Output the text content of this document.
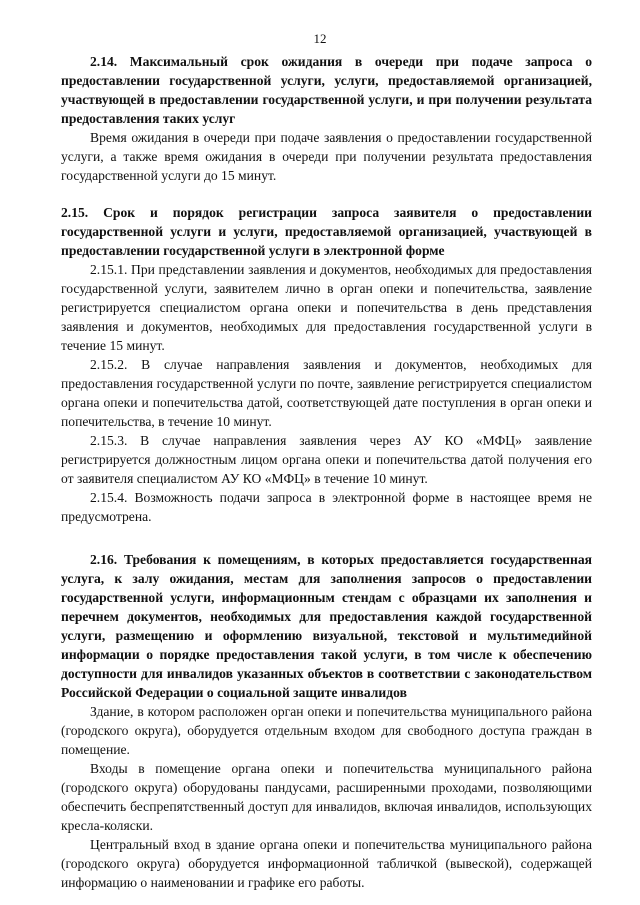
12

2.14. Максимальный срок ожидания в очереди при подаче запроса о предоставлении государственной услуги, услуги, предоставляемой организацией, участвующей в предоставлении государственной услуги, и при получении результата предоставления таких услуг

Время ожидания в очереди при подаче заявления о предоставлении государственной услуги, а также время ожидания в очереди при получении результата предоставления государственной услуги до 15 минут.

2.15. Срок и порядок регистрации запроса заявителя о предоставлении государственной услуги и услуги, предоставляемой организацией, участвующей в предоставлении государственной услуги в электронной форме

2.15.1. При представлении заявления и документов, необходимых для предоставления государственной услуги, заявителем лично в орган опеки и попечительства, заявление регистрируется специалистом органа опеки и попечительства в день представления заявления и документов, необходимых для предоставления государственной услуги в течение 15 минут.

2.15.2. В случае направления заявления и документов, необходимых для предоставления государственной услуги по почте, заявление регистрируется специалистом органа опеки и попечительства датой, соответствующей дате поступления в орган опеки и попечительства, в течение 10 минут.

2.15.3. В случае направления заявления через АУ КО «МФЦ» заявление регистрируется должностным лицом органа опеки и попечительства датой получения его от заявителя специалистом АУ КО «МФЦ» в течение 10 минут.

2.15.4. Возможность подачи запроса в электронной форме в настоящее время не предусмотрена.

2.16. Требования к помещениям, в которых предоставляется государственная услуга, к залу ожидания, местам для заполнения запросов о предоставлении государственной услуги, информационным стендам с образцами их заполнения и перечнем документов, необходимых для предоставления каждой государственной услуги, размещению и оформлению визуальной, текстовой и мультимедийной информации о порядке предоставления такой услуги, в том числе к обеспечению доступности для инвалидов указанных объектов в соответствии с законодательством Российской Федерации о социальной защите инвалидов

Здание, в котором расположен орган опеки и попечительства муниципального района (городского округа), оборудуется отдельным входом для свободного доступа граждан в помещение.

Входы в помещение органа опеки и попечительства муниципального района (городского округа) оборудованы пандусами, расширенными проходами, позволяющими обеспечить беспрепятственный доступ для инвалидов, включая инвалидов, использующих кресла-коляски.

Центральный вход в здание органа опеки и попечительства муниципального района (городского округа) оборудуется информационной табличкой (вывеской), содержащей информацию о наименовании и графике его работы.
